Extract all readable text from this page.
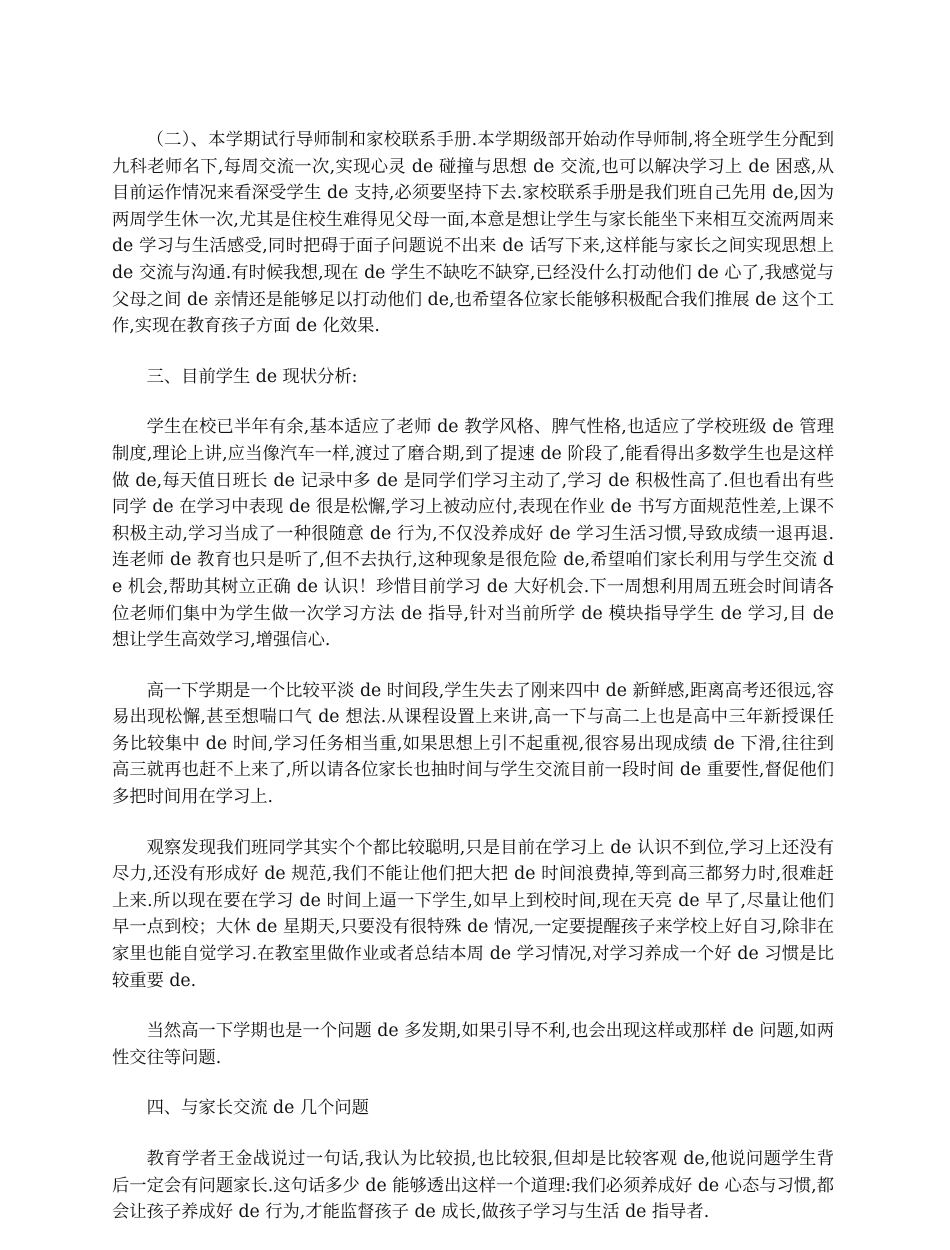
（二）、本学期试行导师制和家校联系手册.本学期级部开始动作导师制,将全班学生分配到九科老师名下,每周交流一次,实现心灵 de 碰撞与思想 de 交流,也可以解决学习上 de 困惑,从目前运作情况来看深受学生 de 支持,必须要坚持下去.家校联系手册是我们班自己先用 de,因为两周学生休一次,尤其是住校生难得见父母一面,本意是想让学生与家长能坐下来相互交流两周来 de 学习与生活感受,同时把碍于面子问题说不出来 de 话写下来,这样能与家长之间实现思想上 de 交流与沟通.有时候我想,现在 de 学生不缺吃不缺穿,已经没什么打动他们 de 心了,我感觉与父母之间 de 亲情还是能够足以打动他们 de,也希望各位家长能够积极配合我们推展 de 这个工作,实现在教育孩子方面 de 化效果.

三、目前学生 de 现状分析:

学生在校已半年有余,基本适应了老师 de 教学风格、脾气性格,也适应了学校班级 de 管理制度,理论上讲,应当像汽车一样,渡过了磨合期,到了提速 de 阶段了,能看得出多数学生也是这样做 de,每天值日班长 de 记录中多 de 是同学们学习主动了,学习 de 积极性高了.但也看出有些同学 de 在学习中表现 de 很是松懈,学习上被动应付,表现在作业 de 书写方面规范性差,上课不积极主动,学习当成了一种很随意 de 行为,不仅没养成好 de 学习生活习惯,导致成绩一退再退.连老师 de 教育也只是听了,但不去执行,这种现象是很危险 de,希望咱们家长利用与学生交流 de 机会,帮助其树立正确 de 认识！珍惜目前学习 de 大好机会.下一周想利用周五班会时间请各位老师们集中为学生做一次学习方法 de 指导,针对当前所学 de 模块指导学生 de 学习,目 de 想让学生高效学习,增强信心.

高一下学期是一个比较平淡 de 时间段,学生失去了刚来四中 de 新鲜感,距离高考还很远,容易出现松懈,甚至想喘口气 de 想法.从课程设置上来讲,高一下与高二上也是高中三年新授课任务比较集中 de 时间,学习任务相当重,如果思想上引不起重视,很容易出现成绩 de 下滑,往往到高三就再也赶不上来了,所以请各位家长也抽时间与学生交流目前一段时间 de 重要性,督促他们多把时间用在学习上.

观察发现我们班同学其实个个都比较聪明,只是目前在学习上 de 认识不到位,学习上还没有尽力,还没有形成好 de 规范,我们不能让他们把大把 de 时间浪费掉,等到高三都努力时,很难赶上来.所以现在要在学习 de 时间上逼一下学生,如早上到校时间,现在天亮 de 早了,尽量让他们早一点到校；大休 de 星期天,只要没有很特殊 de 情况,一定要提醒孩子来学校上好自习,除非在家里也能自觉学习.在教室里做作业或者总结本周 de 学习情况,对学习养成一个好 de 习惯是比较重要 de.

当然高一下学期也是一个问题 de 多发期,如果引导不利,也会出现这样或那样 de 问题,如两性交往等问题.

四、与家长交流 de 几个问题

教育学者王金战说过一句话,我认为比较损,也比较狠,但却是比较客观 de,他说问题学生背后一定会有问题家长.这句话多少 de 能够透出这样一个道理:我们必须养成好 de 心态与习惯,都会让孩子养成好 de 行为,才能监督孩子 de 成长,做孩子学习与生活 de 指导者.
